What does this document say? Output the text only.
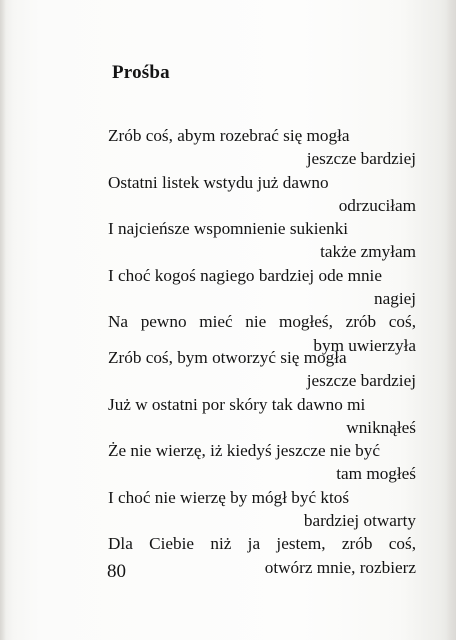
Prośba
Zrób coś, abym rozebrać się mogła
jeszcze bardziej
Ostatni listek wstydu już dawno
odrzuciłam
I najcieńsze wspomnienie sukienki
także zmyłam
I choć kogoś nagiego bardziej ode mnie
nagiej
Na pewno mieć nie mogłeś, zrób coś,
bym uwierzyła
Zrób coś, bym otworzyć się mogła
jeszcze bardziej
Już w ostatni por skóry tak dawno mi
wniknąłeś
Że nie wierzę, iż kiedyś jeszcze nie być
tam mogłeś
I choć nie wierzę by mógł być ktoś
bardziej otwarty
Dla Ciebie niż ja jestem, zrób coś,
otwórz mnie, rozbierz
80
